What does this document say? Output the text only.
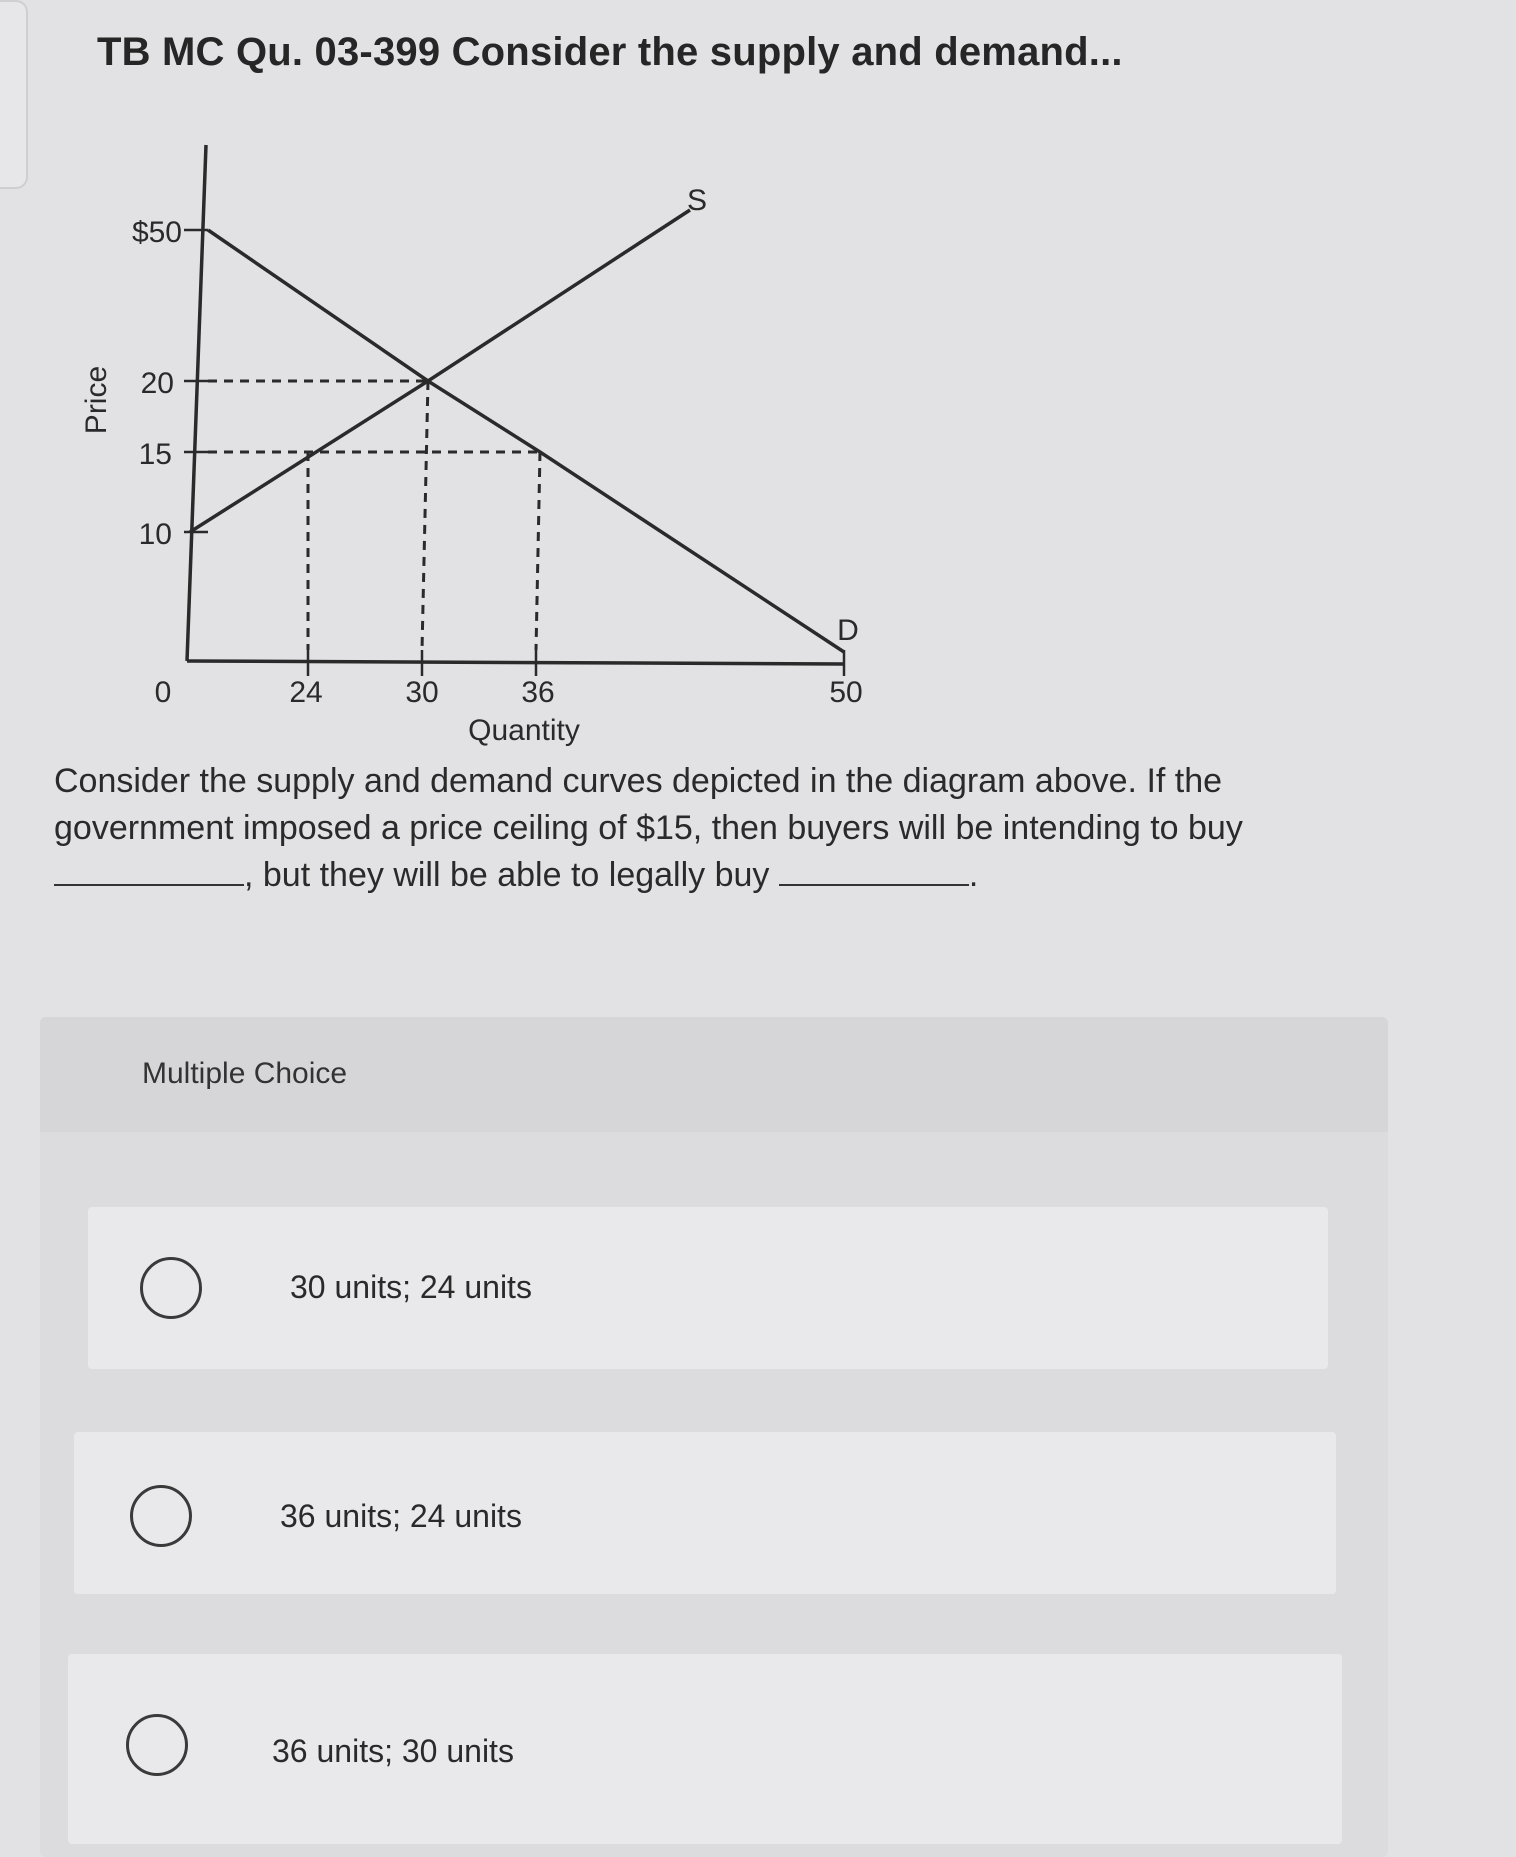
TB MC Qu. 03-399 Consider the supply and demand...
$50
20
15
10
0	24	30	36	50
Quantity
Price
S
D

Consider the supply and demand curves depicted in the diagram above. If the government imposed a price ceiling of $15, then buyers will be intending to buy
, but they will be able to legally buy	.

Multiple Choice
30 units; 24 units
36 units; 24 units
36 units; 30 units
